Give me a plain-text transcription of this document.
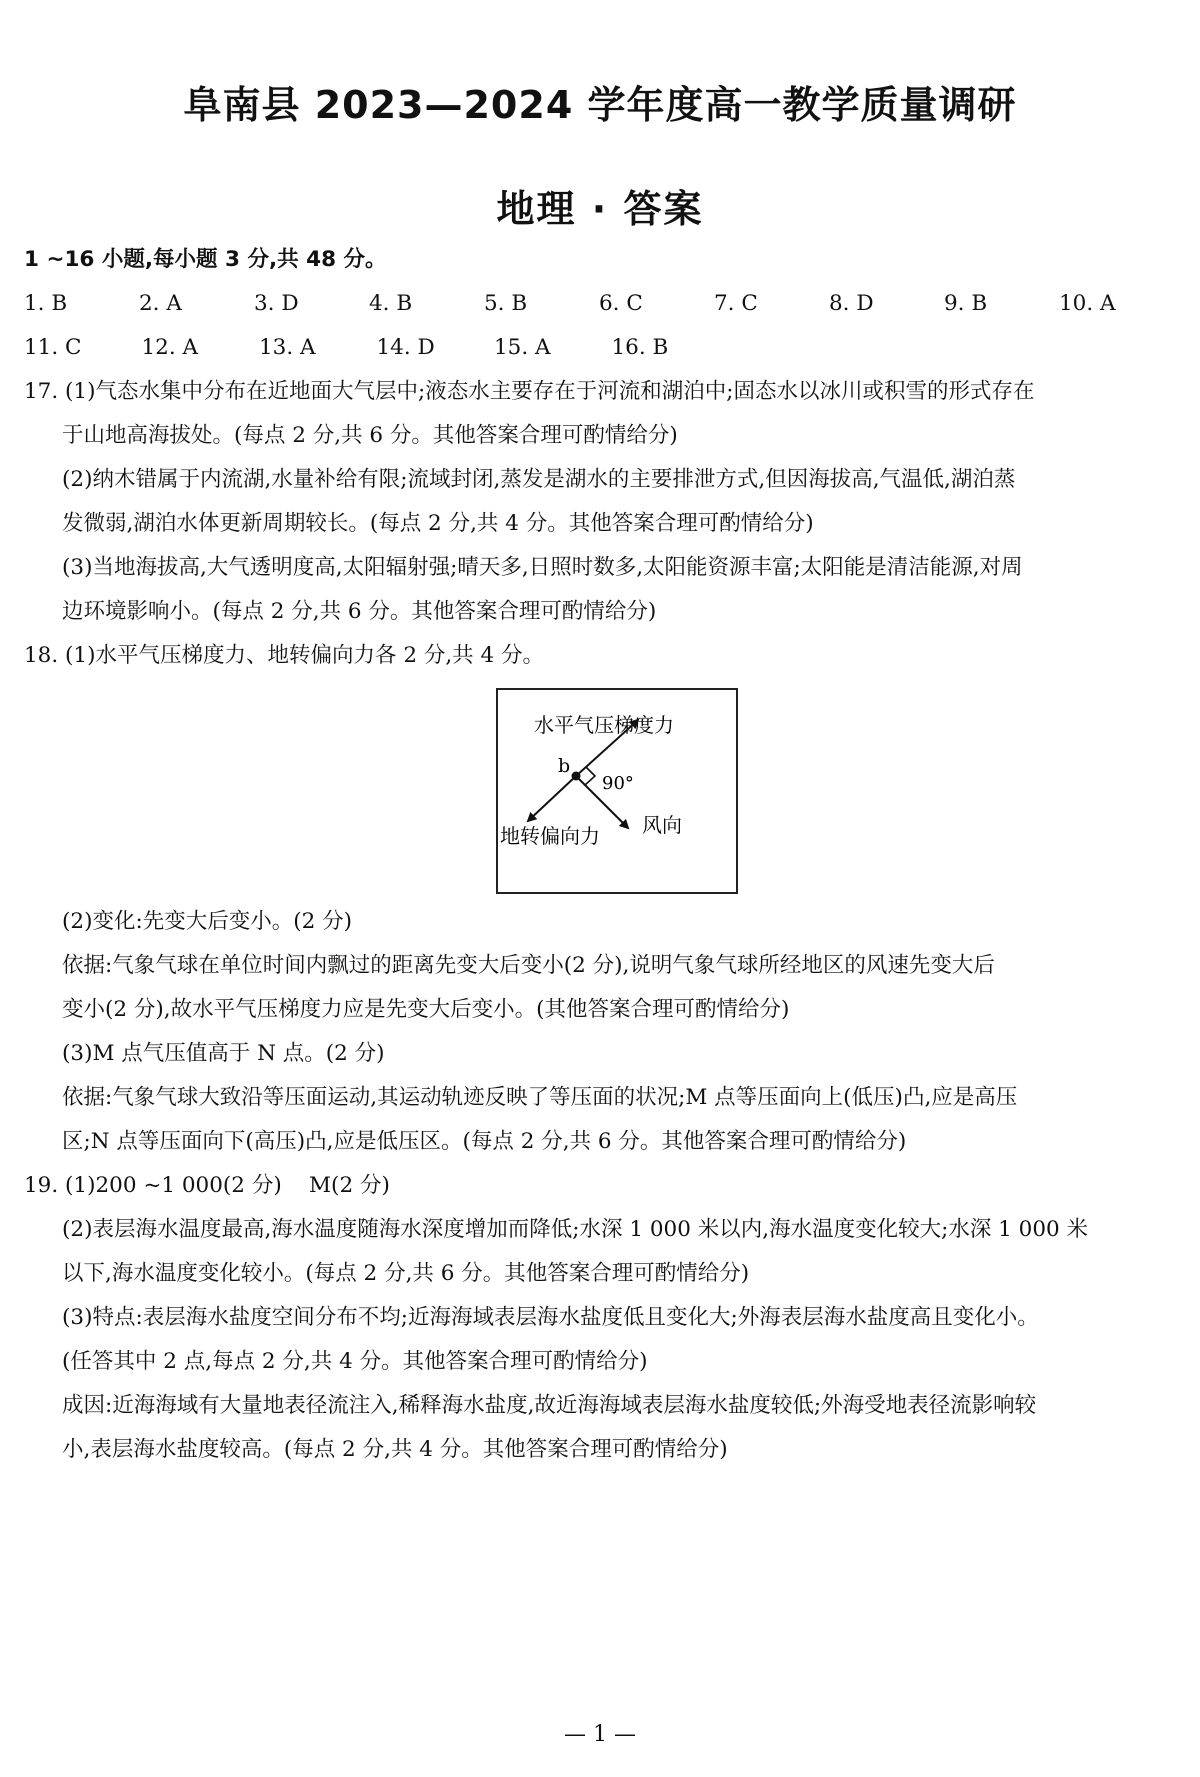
阜南县 2023—2024 学年度高一教学质量调研
地理 · 答案
1 ~16 小题,每小题 3 分,共 48 分。
1. B	2. A	3. D	4. B	5. B	6. C	7. C	8. D	9. B	10. A
11. C	12. A	13. A	14. D	15. A	16. B
17. (1)气态水集中分布在近地面大气层中;液态水主要存在于河流和湖泊中;固态水以冰川或积雪的形式存在
于山地高海拔处。(每点 2 分,共 6 分。其他答案合理可酌情给分)
(2)纳木错属于内流湖,水量补给有限;流域封闭,蒸发是湖水的主要排泄方式,但因海拔高,气温低,湖泊蒸
发微弱,湖泊水体更新周期较长。(每点 2 分,共 4 分。其他答案合理可酌情给分)
(3)当地海拔高,大气透明度高,太阳辐射强;晴天多,日照时数多,太阳能资源丰富;太阳能是清洁能源,对周
边环境影响小。(每点 2 分,共 6 分。其他答案合理可酌情给分)
18. (1)水平气压梯度力、地转偏向力各 2 分,共 4 分。
水平气压梯度力
b
90°
地转偏向力 风向
(2)变化:先变大后变小。(2 分)
依据:气象气球在单位时间内飘过的距离先变大后变小(2 分),说明气象气球所经地区的风速先变大后
变小(2 分),故水平气压梯度力应是先变大后变小。(其他答案合理可酌情给分)
(3)M 点气压值高于 N 点。(2 分)
依据:气象气球大致沿等压面运动,其运动轨迹反映了等压面的状况;M 点等压面向上(低压)凸,应是高压
区;N 点等压面向下(高压)凸,应是低压区。(每点 2 分,共 6 分。其他答案合理可酌情给分)
19. (1)200 ~1 000(2 分)    M(2 分)
(2)表层海水温度最高,海水温度随海水深度增加而降低;水深 1 000 米以内,海水温度变化较大;水深 1 000 米
以下,海水温度变化较小。(每点 2 分,共 6 分。其他答案合理可酌情给分)
(3)特点:表层海水盐度空间分布不均;近海海域表层海水盐度低且变化大;外海表层海水盐度高且变化小。
(任答其中 2 点,每点 2 分,共 4 分。其他答案合理可酌情给分)
成因:近海海域有大量地表径流注入,稀释海水盐度,故近海海域表层海水盐度较低;外海受地表径流影响较
小,表层海水盐度较高。(每点 2 分,共 4 分。其他答案合理可酌情给分)
— 1 —
